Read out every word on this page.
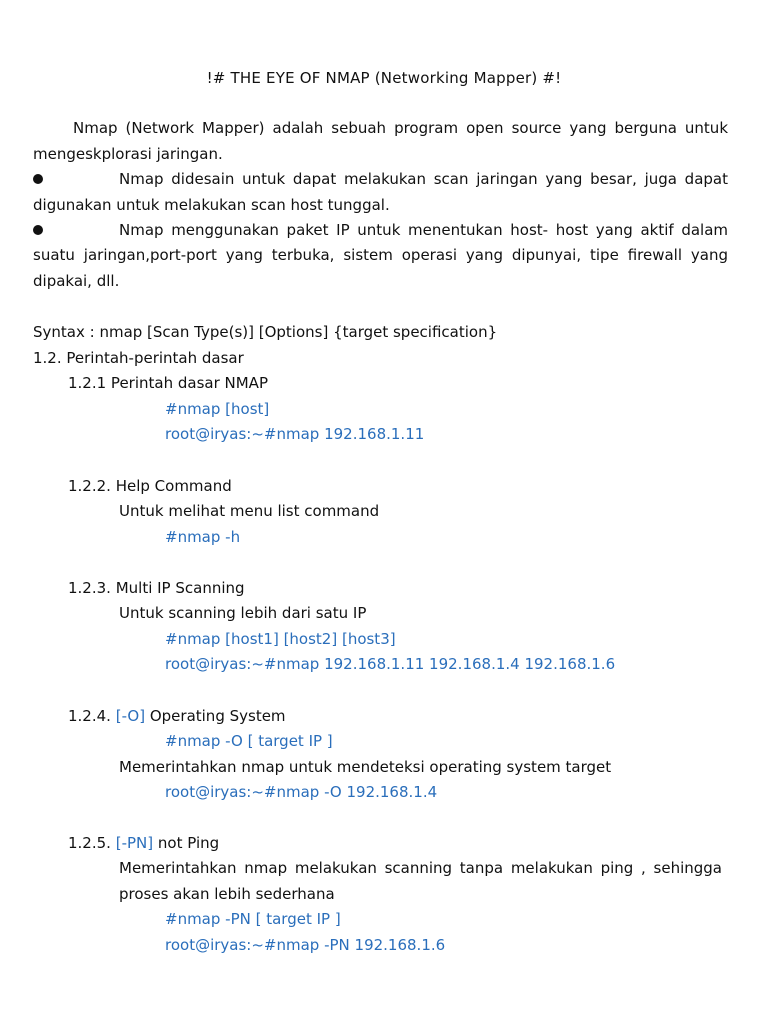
!# THE EYE OF NMAP (Networking Mapper) #!
Nmap (Network Mapper) adalah sebuah program open source yang berguna untuk
mengeskplorasi jaringan.
Nmap didesain untuk dapat melakukan scan jaringan yang besar, juga dapat
digunakan untuk melakukan scan host tunggal.
Nmap menggunakan paket IP untuk menentukan host- host yang aktif dalam
suatu jaringan,port-port yang terbuka, sistem operasi yang dipunyai, tipe firewall yang
dipakai, dll.
Syntax : nmap [Scan Type(s)] [Options] {target specification}
1.2. Perintah-perintah dasar
1.2.1 Perintah dasar NMAP
#nmap [host]
root@iryas:~#nmap 192.168.1.11
1.2.2. Help Command
Untuk melihat menu list command
#nmap -h
1.2.3. Multi IP Scanning
Untuk scanning lebih dari satu IP
#nmap [host1] [host2] [host3]
root@iryas:~#nmap 192.168.1.11 192.168.1.4 192.168.1.6
1.2.4. [-O] Operating System
#nmap -O [ target IP ]
Memerintahkan nmap untuk mendeteksi operating system target
root@iryas:~#nmap -O 192.168.1.4
1.2.5. [-PN] not Ping
Memerintahkan nmap melakukan scanning tanpa melakukan ping , sehingga
proses akan lebih sederhana
#nmap -PN [ target IP ]
root@iryas:~#nmap -PN 192.168.1.6
